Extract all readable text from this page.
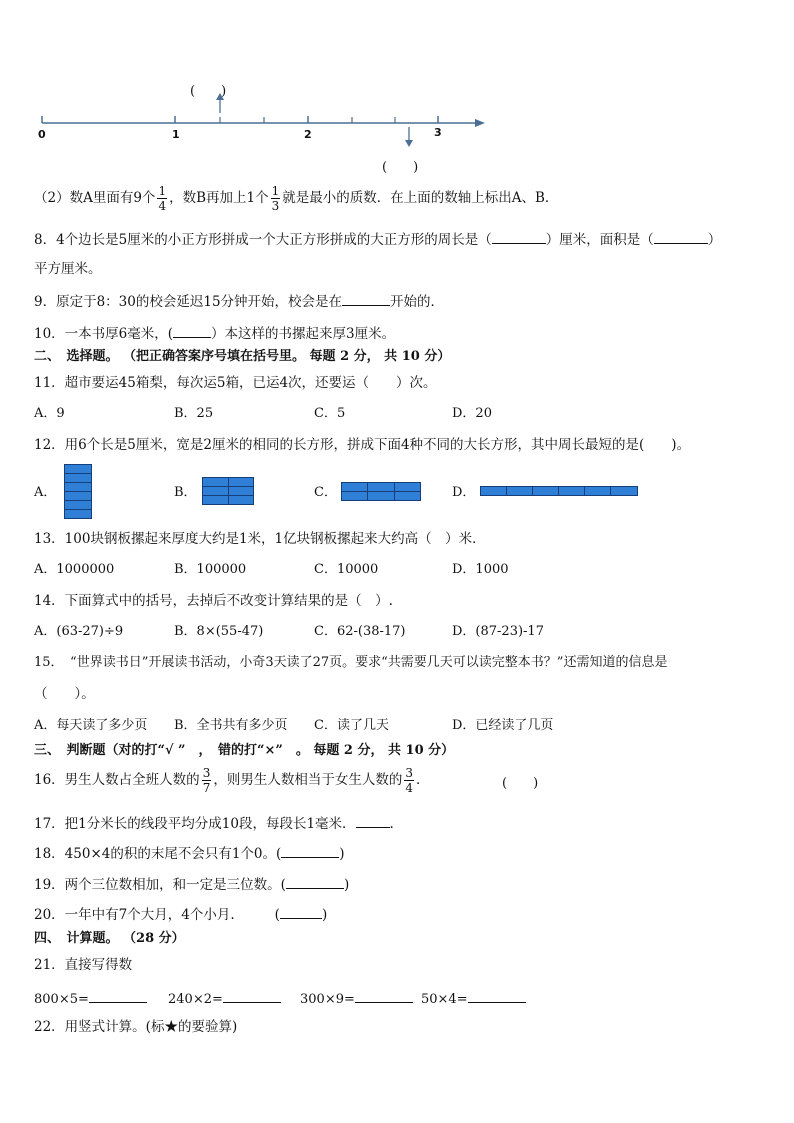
0	1	2	3
(　　)
(　　)
（2）数A里面有9个 $\frac{1}{4}$ ，数B再加上1个 $\frac{1}{3}$ 就是最小的质数．在上面的数轴上标出A、B．
8．4个边长是5厘米的小正方形拼成一个大正方形拼成的大正方形的周长是（	）厘米，面积是（	）
平方厘米。
9．原定于8：30的校会延迟15分钟开始，校会是在	开始的．
10．一本书厚6毫米，(	）本这样的书摞起来厚3厘米。
二、　选择题。 （把正确答案序号填在括号里。 每题 2 分， 共 10 分）
11．超市要运45箱梨，每次运5箱，已运4次，还要运（　　）次。
A．9	B．25	C．5	D．20
12．用6个长是5厘米，宽是2厘米的相同的长方形，拼成下面4种不同的大长方形，其中周长最短的是(　　)。
A．	B．	C．	D．
13．100块钢板摞起来厚度大约是1米，1亿块钢板摞起来大约高（　）米．
A．1000000	B．100000	C．10000	D．1000
14．下面算式中的括号，去掉后不改变计算结果的是（　）.
A．(63-27)÷9	B．8×(55-47)	C．62-(38-17)	D．(87-23)-17
15．　“世界读书日”开展读书活动，小奇3天读了27页。要求“共需要几天可以读完整本书？”还需知道的信息是
（　　）。
A．每天读了多少页 B．全书共有多少页 C．读了几天	D．已经读了几页
三、　判断题（对的打“√ ”　，　错的打“×”　。 每题 2 分， 共 10 分）
16．男生人数占全班人数的 $\frac{3}{7}$ ，则男生人数相当于女生人数的 $\frac{3}{4}$ ．	(　　)
17．把1分米长的线段平均分成10段，每段长1毫米．	.
18．450×4的积的末尾不会只有1个0。(	)
19．两个三位数相加，和一定是三位数。(	)
20．一年中有7个大月，4个小月.	(	)
四、　计算题。 （28 分）
21．直接写得数
800×5=	240×2=	300×9=	50×4=
22．用竖式计算。(标★的要验算)
